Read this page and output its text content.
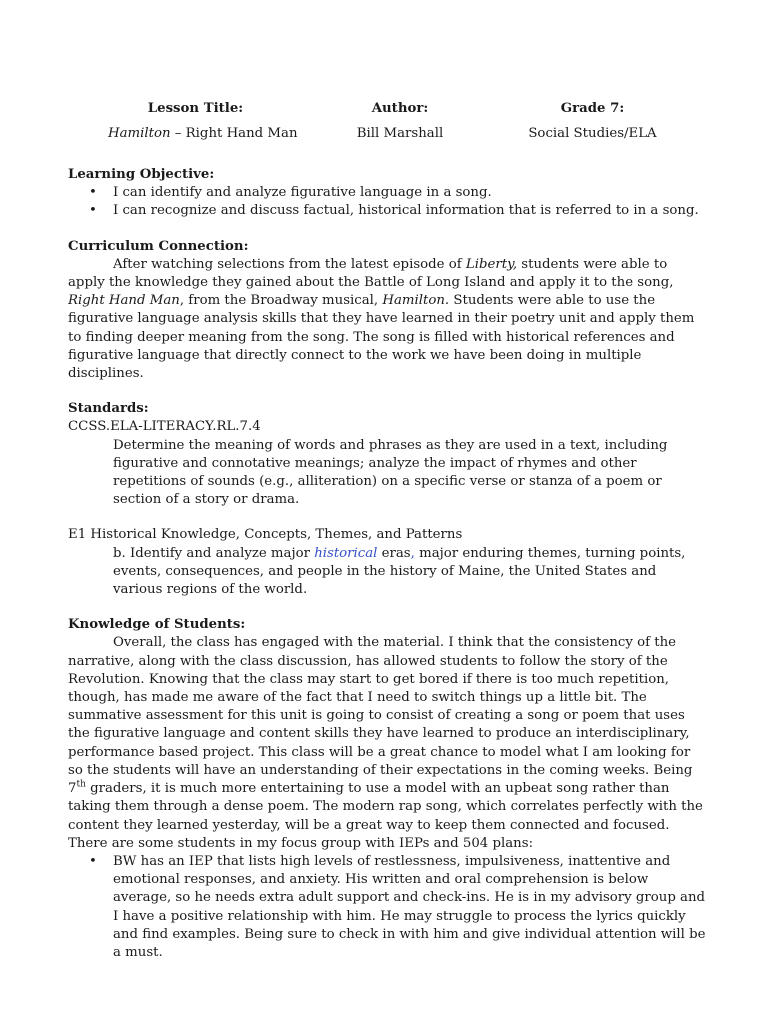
Lesson Title:	Author:	Grade 7:
Hamilton – Right Hand Man	Bill Marshall	Social Studies/ELA

Learning Objective:

• I can identify and analyze figurative language in a song.
• I can recognize and discuss factual, historical information that is referred to in a song.

Curriculum Connection:

After watching selections from the latest episode of Liberty, students were able to apply the knowledge they gained about the Battle of Long Island and apply it to the song, Right Hand Man, from the Broadway musical, Hamilton. Students were able to use the figurative language analysis skills that they have learned in their poetry unit and apply them to finding deeper meaning from the song. The song is filled with historical references and figurative language that directly connect to the work we have been doing in multiple disciplines.

Standards:

CCSS.ELA-LITERACY.RL.7.4

Determine the meaning of words and phrases as they are used in a text, including figurative and connotative meanings; analyze the impact of rhymes and other repetitions of sounds (e.g., alliteration) on a specific verse or stanza of a poem or section of a story or drama.

E1 Historical Knowledge, Concepts, Themes, and Patterns

b. Identify and analyze major historical eras, major enduring themes, turning points, events, consequences, and people in the history of Maine, the United States and various regions of the world.

Knowledge of Students:

Overall, the class has engaged with the material. I think that the consistency of the narrative, along with the class discussion, has allowed students to follow the story of the Revolution. Knowing that the class may start to get bored if there is too much repetition, though, has made me aware of the fact that I need to switch things up a little bit. The summative assessment for this unit is going to consist of creating a song or poem that uses the figurative language and content skills they have learned to produce an interdisciplinary, performance based project. This class will be a great chance to model what I am looking for so the students will have an understanding of their expectations in the coming weeks. Being 7th graders, it is much more entertaining to use a model with an upbeat song rather than taking them through a dense poem. The modern rap song, which correlates perfectly with the content they learned yesterday, will be a great way to keep them connected and focused.

There are some students in my focus group with IEPs and 504 plans:

• BW has an IEP that lists high levels of restlessness, impulsiveness, inattentive and emotional responses, and anxiety. His written and oral comprehension is below average, so he needs extra adult support and check-ins. He is in my advisory group and I have a positive relationship with him. He may struggle to process the lyrics quickly and find examples. Being sure to check in with him and give individual attention will be a must.
